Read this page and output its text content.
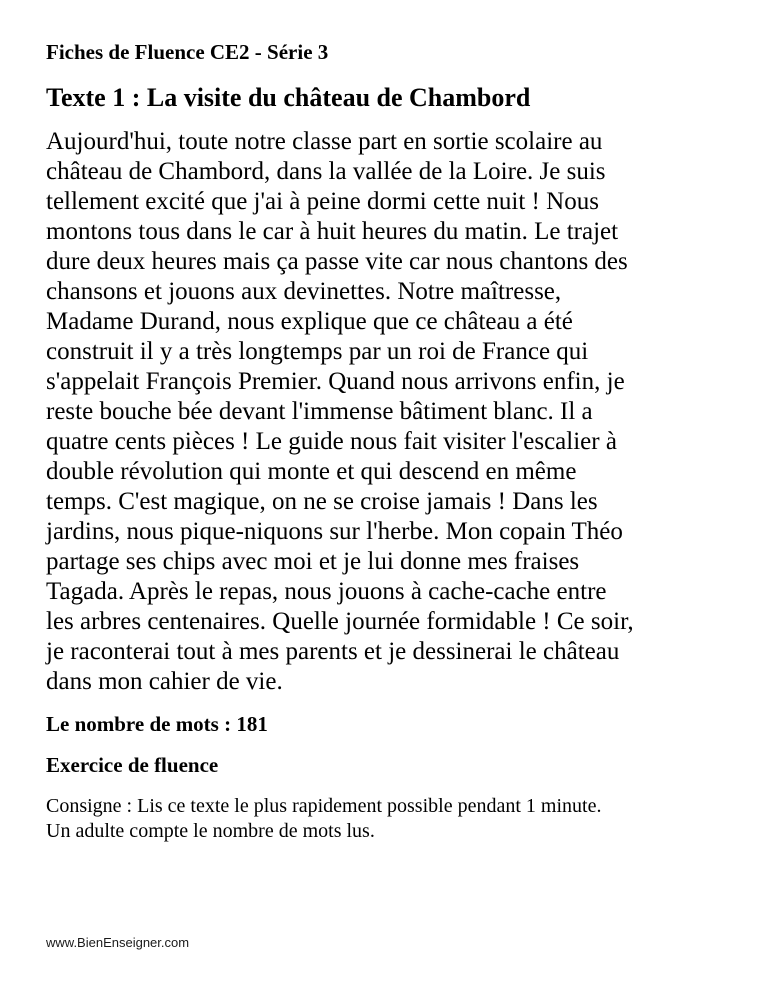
Fiches de Fluence CE2 - Série 3
Texte 1 : La visite du château de Chambord
Aujourd'hui, toute notre classe part en sortie scolaire au
château de Chambord, dans la vallée de la Loire. Je suis
tellement excité que j'ai à peine dormi cette nuit ! Nous
montons tous dans le car à huit heures du matin. Le trajet
dure deux heures mais ça passe vite car nous chantons des
chansons et jouons aux devinettes. Notre maîtresse,
Madame Durand, nous explique que ce château a été
construit il y a très longtemps par un roi de France qui
s'appelait François Premier. Quand nous arrivons enfin, je
reste bouche bée devant l'immense bâtiment blanc. Il a
quatre cents pièces ! Le guide nous fait visiter l'escalier à
double révolution qui monte et qui descend en même
temps. C'est magique, on ne se croise jamais ! Dans les
jardins, nous pique-niquons sur l'herbe. Mon copain Théo
partage ses chips avec moi et je lui donne mes fraises
Tagada. Après le repas, nous jouons à cache-cache entre
les arbres centenaires. Quelle journée formidable ! Ce soir,
je raconterai tout à mes parents et je dessinerai le château
dans mon cahier de vie.
Le nombre de mots : 181
Exercice de fluence
Consigne : Lis ce texte le plus rapidement possible pendant 1 minute.
Un adulte compte le nombre de mots lus.
www.BienEnseigner.com
